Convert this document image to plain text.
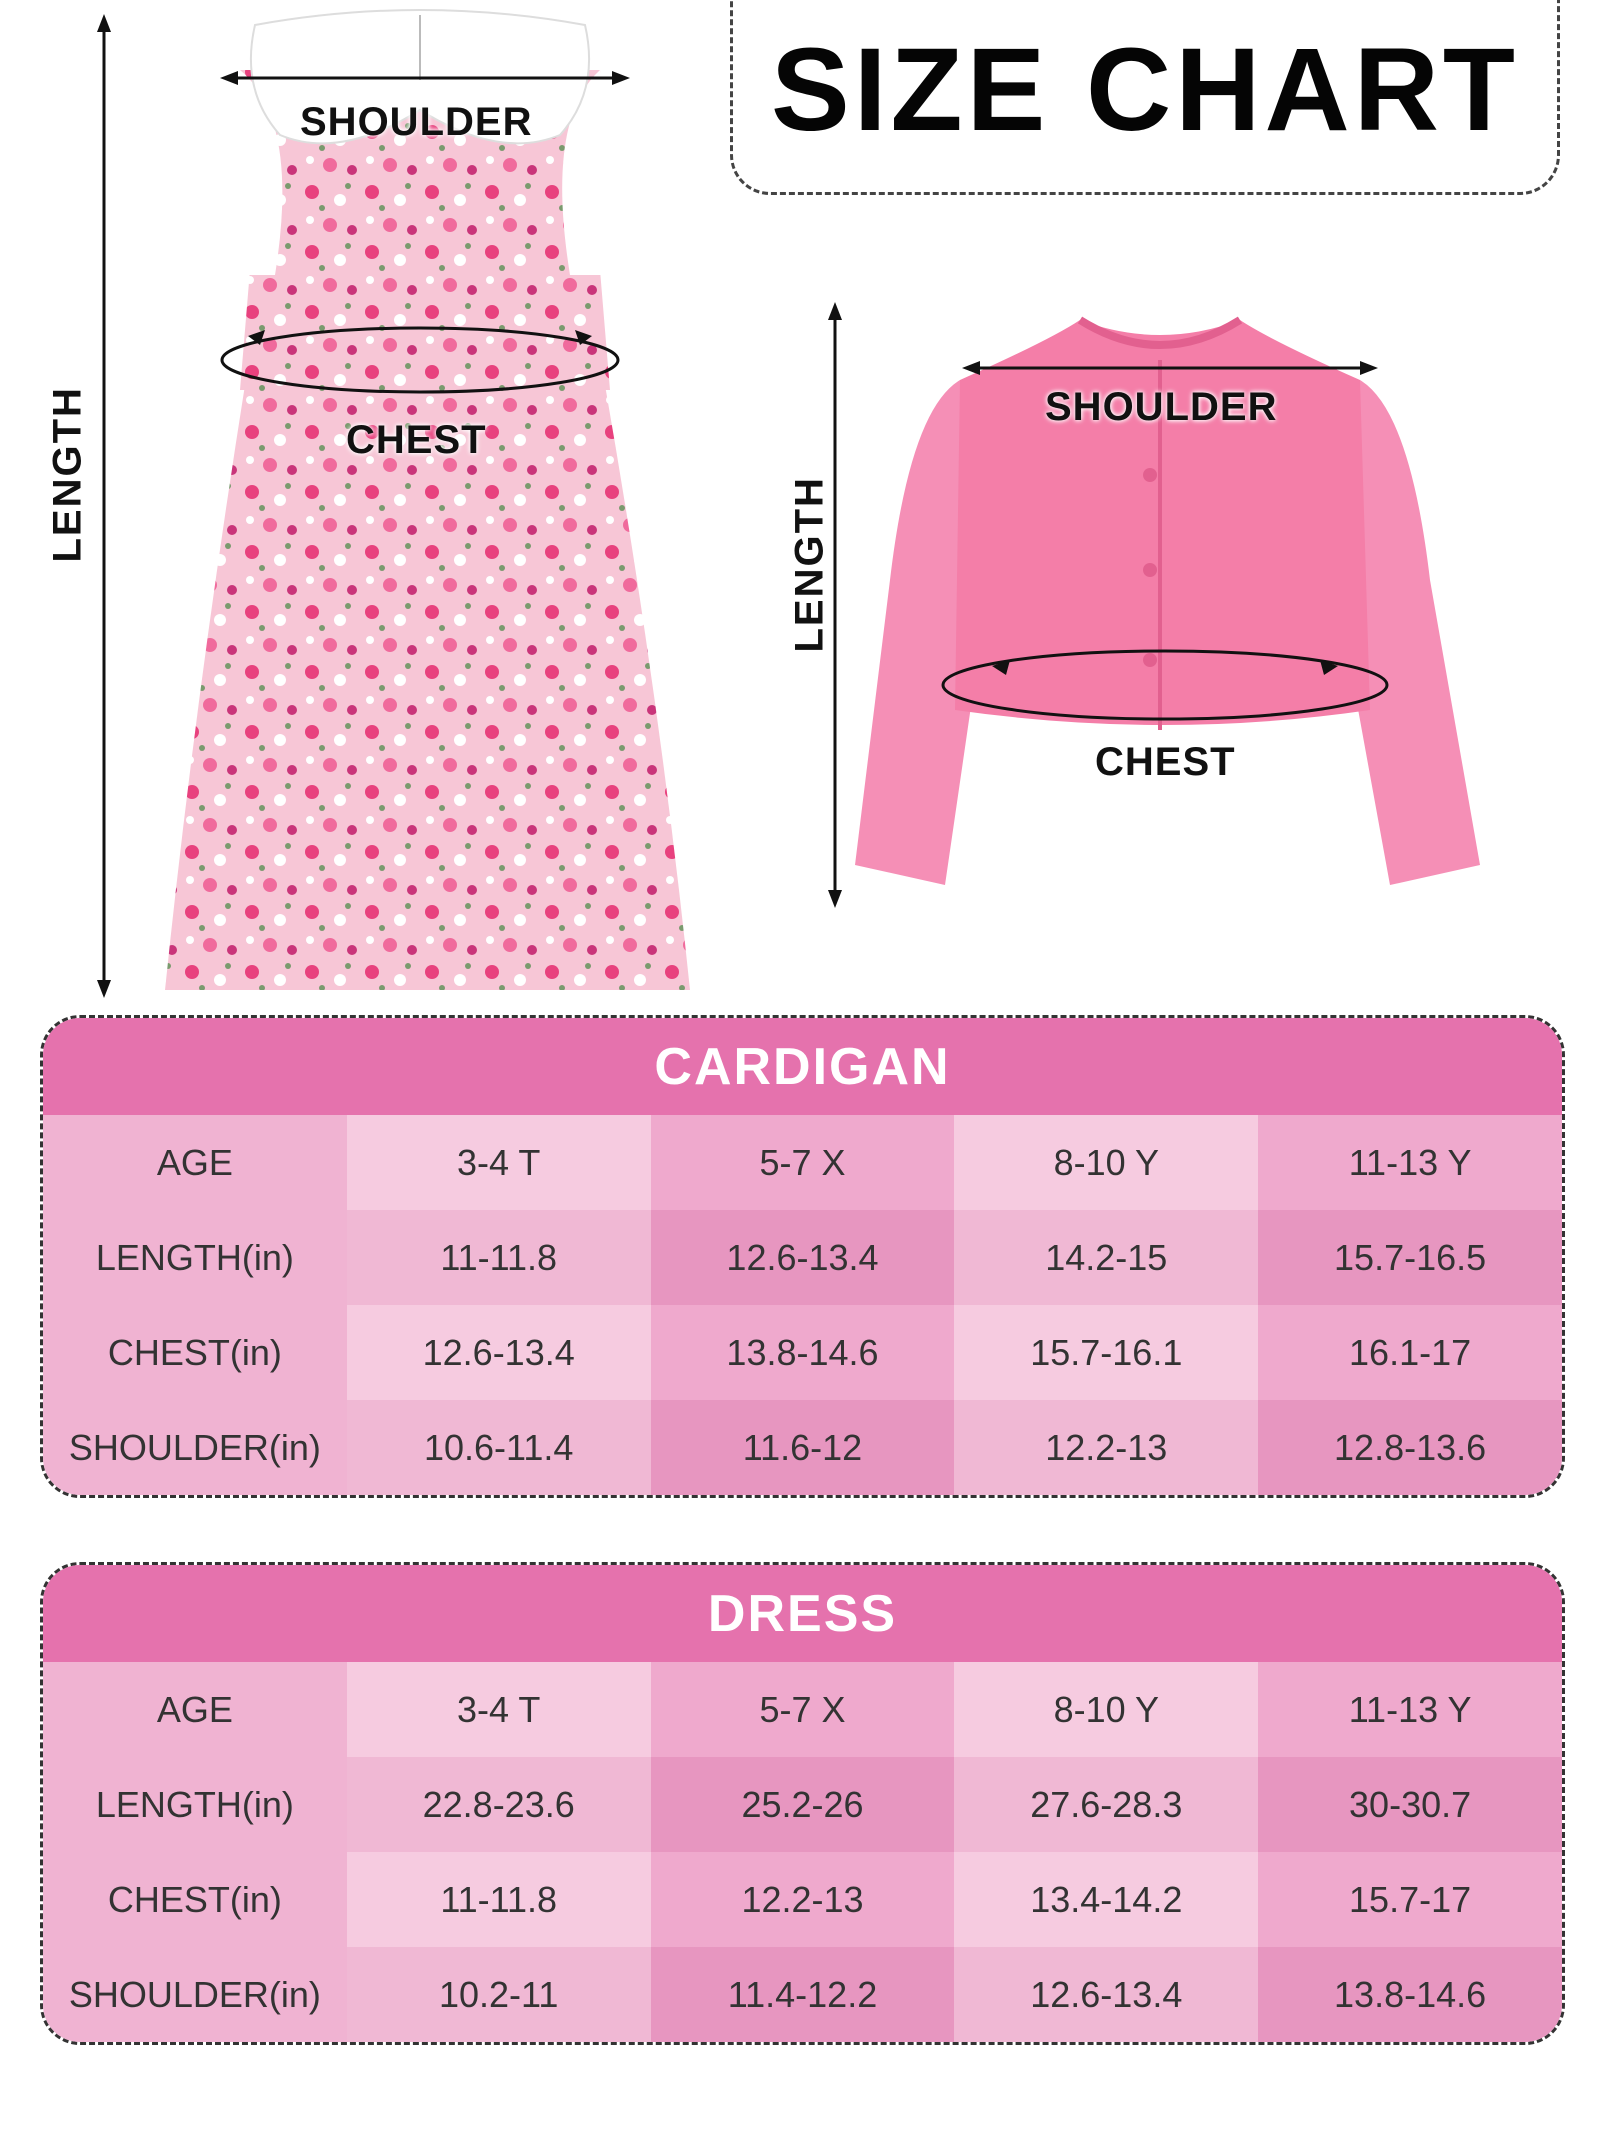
SIZE CHART
SHOULDER
CHEST
LENGTH	SHOULDER
CHEST
LENGTH
CARDIGAN
AGE	3-4 T	5-7 X	8-10 Y	11-13 Y
LENGTH(in)	11-11.8	12.6-13.4	14.2-15	15.7-16.5
CHEST(in)	12.6-13.4	13.8-14.6	15.7-16.1	16.1-17
SHOULDER(in)	10.6-11.4	11.6-12	12.2-13	12.8-13.6
DRESS
AGE	3-4 T	5-7 X	8-10 Y	11-13 Y
LENGTH(in)	22.8-23.6	25.2-26	27.6-28.3	30-30.7
CHEST(in)	11-11.8	12.2-13	13.4-14.2	15.7-17
SHOULDER(in)	10.2-11	11.4-12.2	12.6-13.4	13.8-14.6
